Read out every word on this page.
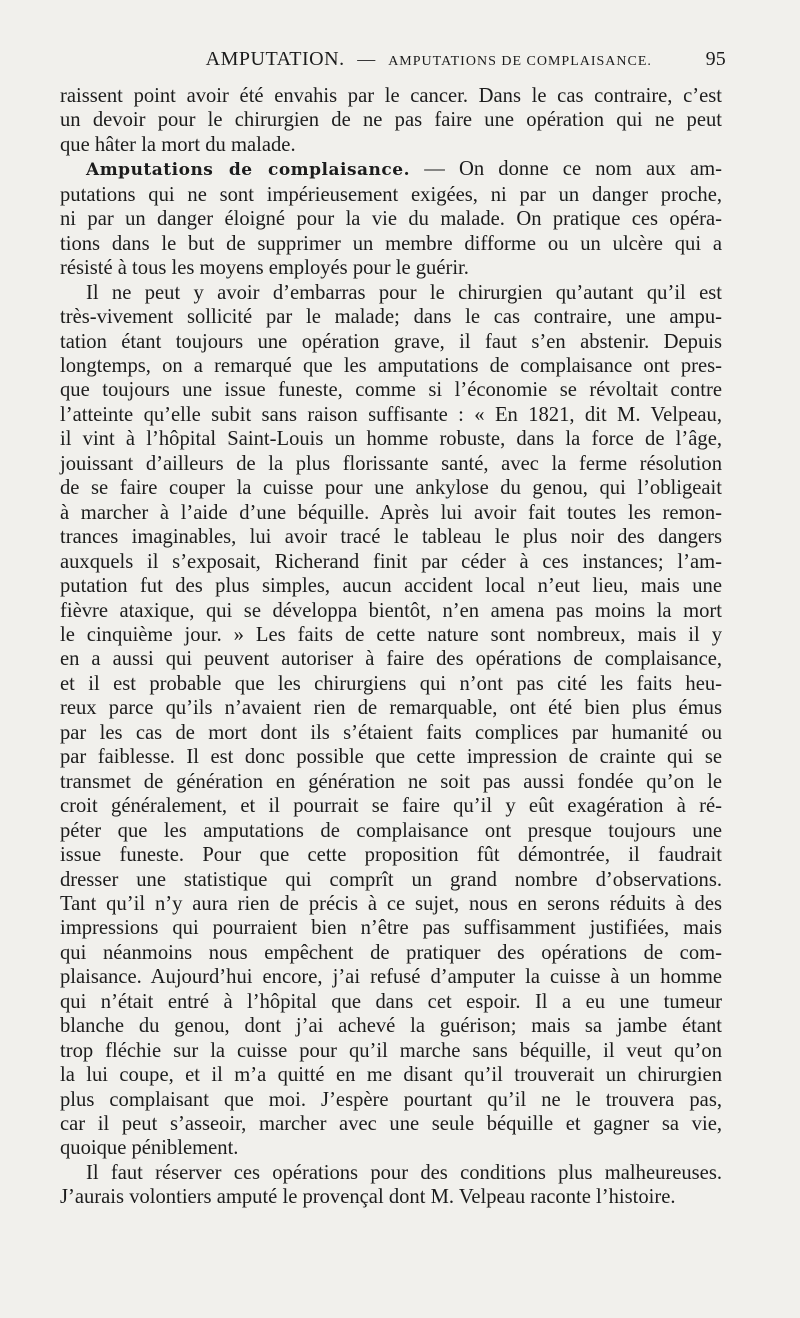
AMPUTATION. — AMPUTATIONS DE COMPLAISANCE.	95
raissent point avoir été envahis par le cancer. Dans le cas contraire, c’est
un devoir pour le chirurgien de ne pas faire une opération qui ne peut
que hâter la mort du malade.
Amputations de complaisance. — On donne ce nom aux am-
putations qui ne sont impérieusement exigées, ni par un danger proche,
ni par un danger éloigné pour la vie du malade. On pratique ces opéra-
tions dans le but de supprimer un membre difforme ou un ulcère qui a
résisté à tous les moyens employés pour le guérir.
Il ne peut y avoir d’embarras pour le chirurgien qu’autant qu’il est
très-vivement sollicité par le malade; dans le cas contraire, une ampu-
tation étant toujours une opération grave, il faut s’en abstenir. Depuis
longtemps, on a remarqué que les amputations de complaisance ont pres-
que toujours une issue funeste, comme si l’économie se révoltait contre
l’atteinte qu’elle subit sans raison suffisante : « En 1821, dit M. Velpeau,
il vint à l’hôpital Saint-Louis un homme robuste, dans la force de l’âge,
jouissant d’ailleurs de la plus florissante santé, avec la ferme résolution
de se faire couper la cuisse pour une ankylose du genou, qui l’obligeait
à marcher à l’aide d’une béquille. Après lui avoir fait toutes les remon-
trances imaginables, lui avoir tracé le tableau le plus noir des dangers
auxquels il s’exposait, Richerand finit par céder à ces instances; l’am-
putation fut des plus simples, aucun accident local n’eut lieu, mais une
fièvre ataxique, qui se développa bientôt, n’en amena pas moins la mort
le cinquième jour. » Les faits de cette nature sont nombreux, mais il y
en a aussi qui peuvent autoriser à faire des opérations de complaisance,
et il est probable que les chirurgiens qui n’ont pas cité les faits heu-
reux parce qu’ils n’avaient rien de remarquable, ont été bien plus émus
par les cas de mort dont ils s’étaient faits complices par humanité ou
par faiblesse. Il est donc possible que cette impression de crainte qui se
transmet de génération en génération ne soit pas aussi fondée qu’on le
croit généralement, et il pourrait se faire qu’il y eût exagération à ré-
péter que les amputations de complaisance ont presque toujours une
issue funeste. Pour que cette proposition fût démontrée, il faudrait
dresser une statistique qui comprît un grand nombre d’observations.
Tant qu’il n’y aura rien de précis à ce sujet, nous en serons réduits à des
impressions qui pourraient bien n’être pas suffisamment justifiées, mais
qui néanmoins nous empêchent de pratiquer des opérations de com-
plaisance. Aujourd’hui encore, j’ai refusé d’amputer la cuisse à un homme
qui n’était entré à l’hôpital que dans cet espoir. Il a eu une tumeur
blanche du genou, dont j’ai achevé la guérison; mais sa jambe étant
trop fléchie sur la cuisse pour qu’il marche sans béquille, il veut qu’on
la lui coupe, et il m’a quitté en me disant qu’il trouverait un chirurgien
plus complaisant que moi. J’espère pourtant qu’il ne le trouvera pas,
car il peut s’asseoir, marcher avec une seule béquille et gagner sa vie,
quoique péniblement.
Il faut réserver ces opérations pour des conditions plus malheureuses.
J’aurais volontiers amputé le provençal dont M. Velpeau raconte l’histoire.
